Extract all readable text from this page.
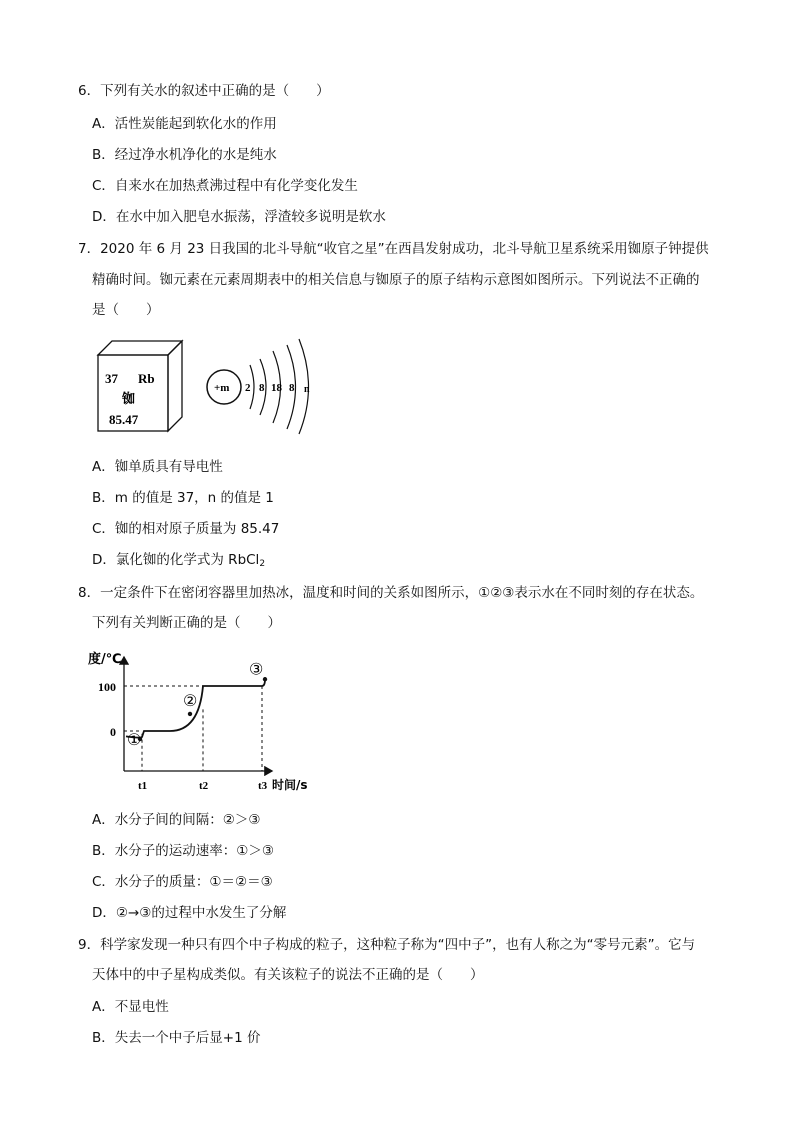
6．下列有关水的叙述中正确的是（　　）
A．活性炭能起到软化水的作用
B．经过净水机净化的水是纯水
C．自来水在加热煮沸过程中有化学变化发生
D．在水中加入肥皂水振荡，浮渣较多说明是软水
7．2020 年 6 月 23 日我国的北斗导航“收官之星”在西昌发射成功，北斗导航卫星系统采用铷原子钟提供
精确时间。铷元素在元素周期表中的相关信息与铷原子的原子结构示意图如图所示。下列说法不正确的
是（　　）
37 Rb
铷
85.47
+m 2 8 18 8 n
A．铷单质具有导电性
B．m 的值是 37，n 的值是 1
C．铷的相对原子质量为 85.47
D．氯化铷的化学式为 RbCl$_2$
8．一定条件下在密闭容器里加热冰，温度和时间的关系如图所示，①②③表示水在不同时刻的存在状态。
下列有关判断正确的是（　　）
度/℃
时间/s
100
0
t1	t2	t3
①
②
③
A．水分子间的间隔：②＞③
B．水分子的运动速率：①＞③
C．水分子的质量：①＝②＝③
D．②→③的过程中水发生了分解
9．科学家发现一种只有四个中子构成的粒子，这种粒子称为“四中子”，也有人称之为“零号元素”。它与
天体中的中子星构成类似。有关该粒子的说法不正确的是（　　）
A．不显电性
B．失去一个中子后显+1 价
